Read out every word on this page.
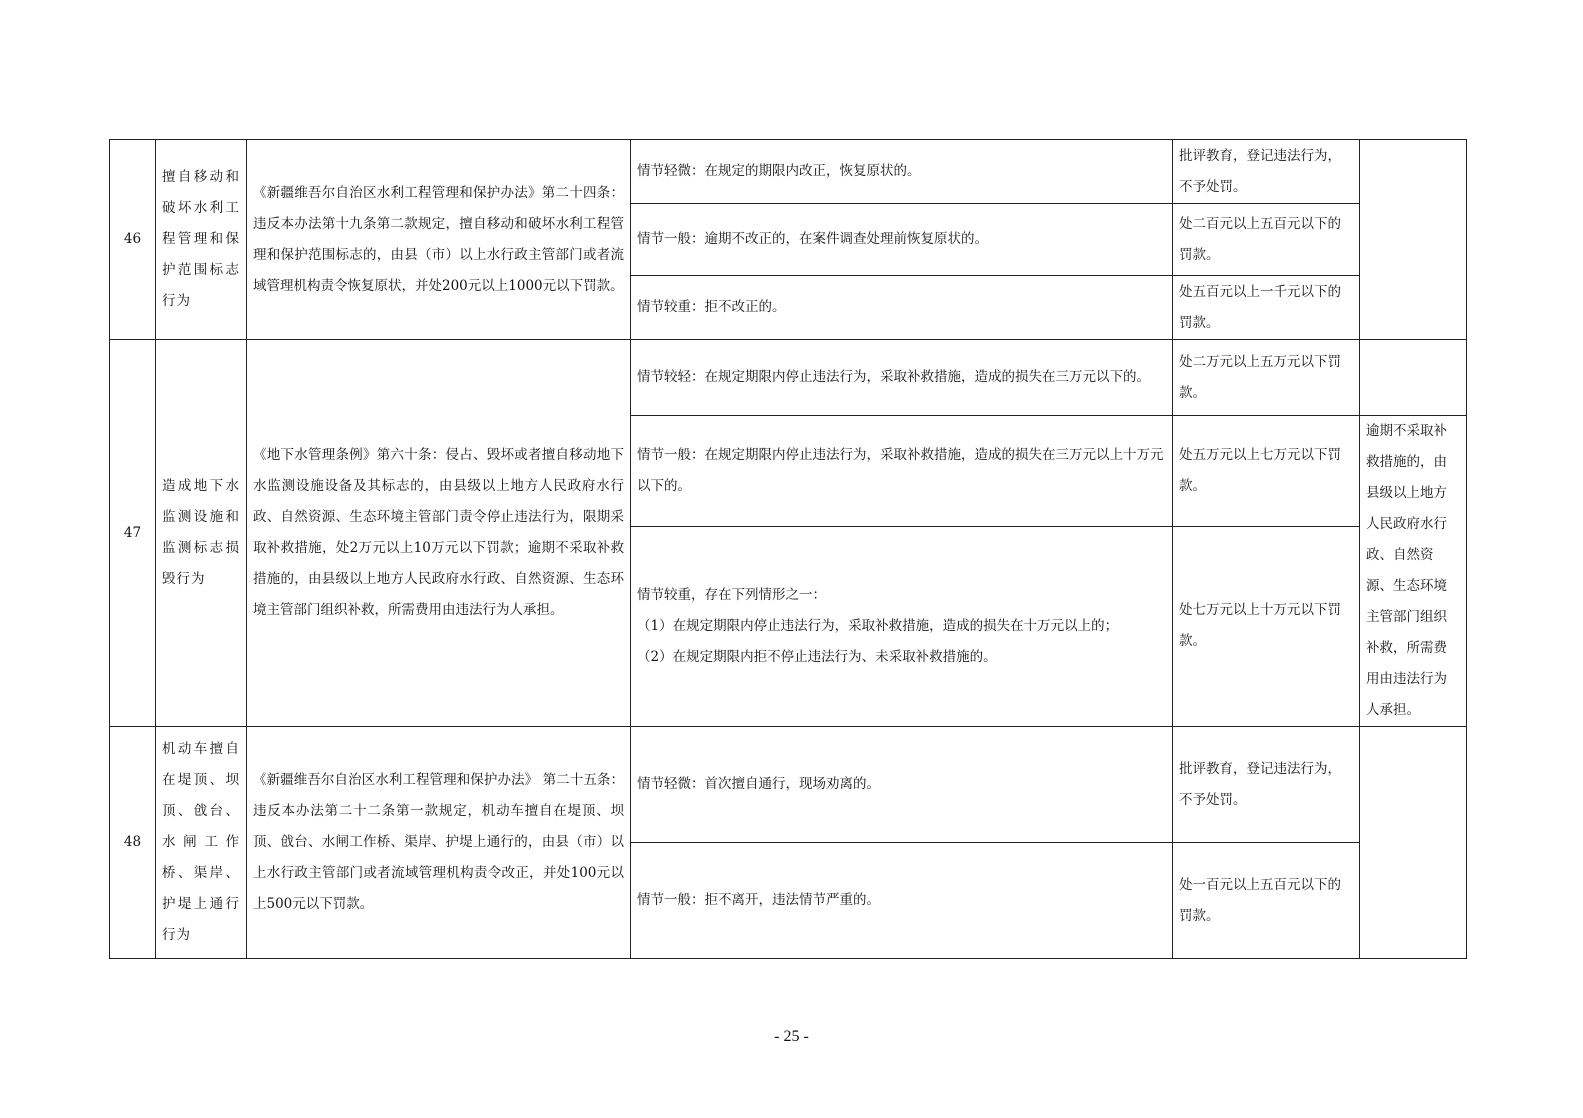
46	擅自移动和破坏水利工程管理和保护范围标志行为	《新疆维吾尔自治区水利工程管理和保护办法》第二十四条：违反本办法第十九条第二款规定，擅自移动和破坏水利工程管理和保护范围标志的，由县（市）以上水行政主管部门或者流域管理机构责令恢复原状，并处200元以上1000元以下罚款。	情节轻微：在规定的期限内改正，恢复原状的。	批评教育，登记违法行为，不予处罚。	
			情节一般：逾期不改正的，在案件调查处理前恢复原状的。	处二百元以上五百元以下的罚款。	
			情节较重：拒不改正的。	处五百元以上一千元以下的罚款。	
47	造成地下水监测设施和监测标志损毁行为	《地下水管理条例》第六十条：侵占、毁坏或者擅自移动地下水监测设施设备及其标志的，由县级以上地方人民政府水行政、自然资源、生态环境主管部门责令停止违法行为，限期采取补救措施，处2万元以上10万元以下罚款；逾期不采取补救措施的，由县级以上地方人民政府水行政、自然资源、生态环境主管部门组织补救，所需费用由违法行为人承担。	情节较轻：在规定期限内停止违法行为，采取补救措施，造成的损失在三万元以下的。	处二万元以上五万元以下罚款。	
			情节一般：在规定期限内停止违法行为，采取补救措施，造成的损失在三万元以上十万元以下的。	处五万元以上七万元以下罚款。	逾期不采取补救措施的，由县级以上地方人民政府水行政、自然资源、生态环境主管部门组织补救，所需费用由违法行为人承担。

			情节较重，存在下列情形之一：
（1）在规定期限内停止违法行为，采取补救措施，造成的损失在十万元以上的；
（2）在规定期限内拒不停止违法行为、未采取补救措施的。	处七万元以上十万元以下罚款。	
48	机动车擅自在堤顶、坝顶、戗台、水闸工作桥、渠岸、护堤上通行行为	《新疆维吾尔自治区水利工程管理和保护办法》 第二十五条：违反本办法第二十二条第一款规定，机动车擅自在堤顶、坝顶、戗台、水闸工作桥、渠岸、护堤上通行的，由县（市）以上水行政主管部门或者流域管理机构责令改正，并处100元以上500元以下罚款。	情节轻微：首次擅自通行，现场劝离的。	批评教育，登记违法行为，不予处罚。	
			情节一般：拒不离开，违法情节严重的。	处一百元以上五百元以下的罚款。	
- 25 -
